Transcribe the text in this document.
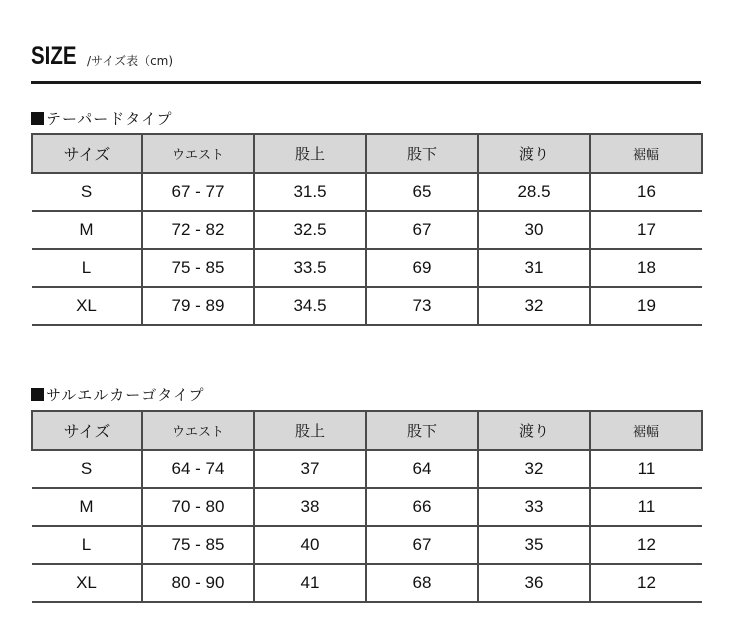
SIZE /サイズ表（cm)
テーパードタイプ
サイズ	ウエスト	股上	股下	渡り	裾幅
S	67 - 77	31.5	65	28.5	16
M	72 - 82	32.5	67	30	17
L	75 - 85	33.5	69	31	18
XL	79 - 89	34.5	73	32	19
サルエルカーゴタイプ
サイズ	ウエスト	股上	股下	渡り	裾幅
S	64 - 74	37	64	32	11
M	70 - 80	38	66	33	11
L	75 - 85	40	67	35	12
XL	80 - 90	41	68	36	12
